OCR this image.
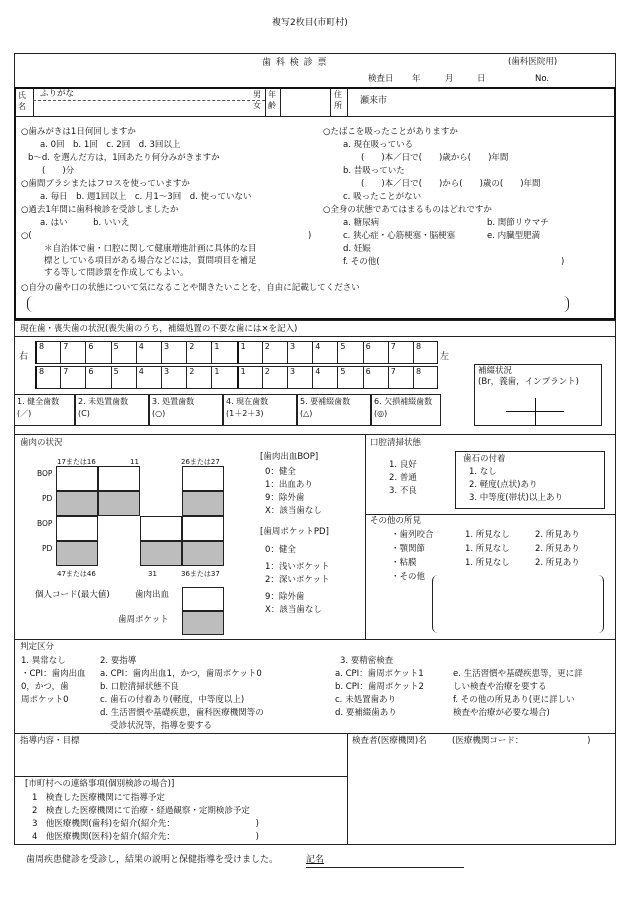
複写2枚目(市町村)
歯 科 検 診 票	(歯科医院用)
検査日 年	月	日	No.
氏名
ふりがな	男女
年齢
住所 瀬来市
○歯みがきは1日何回しますか
a. 0回　b. 1回　c. 2回　d. 3回以上
b〜d. を選んだ方は，1回あたり何分みがきますか
(　　)分
○歯間ブラシまたはフロスを使っていますか
a. 毎日　b. 週1回以上　c. 月1〜3回　d. 使っていない
○過去1年間に歯科検診を受診しましたか
a. はい　　　b. いいえ
○(	)
＊自治体で歯・口腔に関して健康増進計画に具体的な目
標としている項目がある場合などには，質問項目を補足
する等して問診票を作成してもよい。
○たばこを吸ったことがありますか
a. 現在吸っている
(　　)本／日で(　　)歳から(　　)年間
b. 昔吸っていた
(　　)本／日で(　　)から(　　)歳の(　　)年間
c. 吸ったことがない
○全身の状態であてはまるものはどれですか
a. 糖尿病	b. 関節リウマチ
c. 狭心症・心筋梗塞・脳梗塞	e. 内臓型肥満
d. 妊娠
f. その他(	)
○自分の歯や口の状態について気になることや聞きたいことを，自由に記載してください
現在歯・喪失歯の状況(喪失歯のうち，補綴処置の不要な歯には×を記入)
右	左
8	7	6	5	4	3	2	1	1	2	3	4	5	6	7	8
8	7	6	5	4	3	2	1	1	2	3	4	5	6	7	8	補綴状況
(Br，義歯，インプラント)
1. 健全歯数
(／)
2. 未処置歯数
(C)
3. 処置歯数
(○)
4. 現在歯数
(1＋2＋3)
5. 要補綴歯数
(△)
6. 欠損補綴歯数
(◎)
歯肉の状況
17または16	11	26または27
BOP
PD
BOP
PD
47または46	31	36または37
[歯肉出血BOP]
0：健全
1：出血あり
9：除外歯
X：該当歯なし
[歯周ポケットPD]
0：健全
1：浅いポケット
2：深いポケット
9：除外歯
X：該当歯なし
個人コード(最大値)	歯肉出血
歯周ポケット
口腔清掃状態
1. 良好
2. 普通
3. 不良
歯石の付着
1. なし
2. 軽度(点状)あり
3. 中等度(帯状)以上あり
その他の所見
・歯列咬合	1. 所見なし	2. 所見あり
・顎関節	1. 所見なし	2. 所見あり
・粘膜	1. 所見なし	2. 所見あり
・その他
判定区分
1. 異常なし
・CPI：歯肉出血
0，かつ，歯
周ポケット0
2. 要指導
a. CPI：歯肉出血1，かつ，歯周ポケット0
b. 口腔清掃状態不良
c. 歯石の付着あり(軽度，中等度以上)
d. 生活習慣や基礎疾患，歯科医療機関等の
受診状況等，指導を要する
3. 要精密検査
a. CPI：歯周ポケット1
b. CPI：歯周ポケット2
c. 未処置歯あり
d. 要補綴歯あり
e. 生活習慣や基礎疾患等，更に詳
しい検査や治療を要する
f. その他の所見あり(更に詳しい
検査や治療が必要な場合)
指導内容・目標	検査者(医療機関)名	(医療機関コード：　　　　　　　　)
[市町村への連絡事項(個別検診の場合)]
1　検査した医療機関にて指導予定
2　検査した医療機関にて治療・経過観察・定期検診予定
3　他医療機関(歯科)を紹介(紹介先：　　　　　　　　　　)
4　他医療機関(医科)を紹介(紹介先：　　　　　　　　　　)
歯周疾患健診を受診し，結果の説明と保健指導を受けました。	記名
